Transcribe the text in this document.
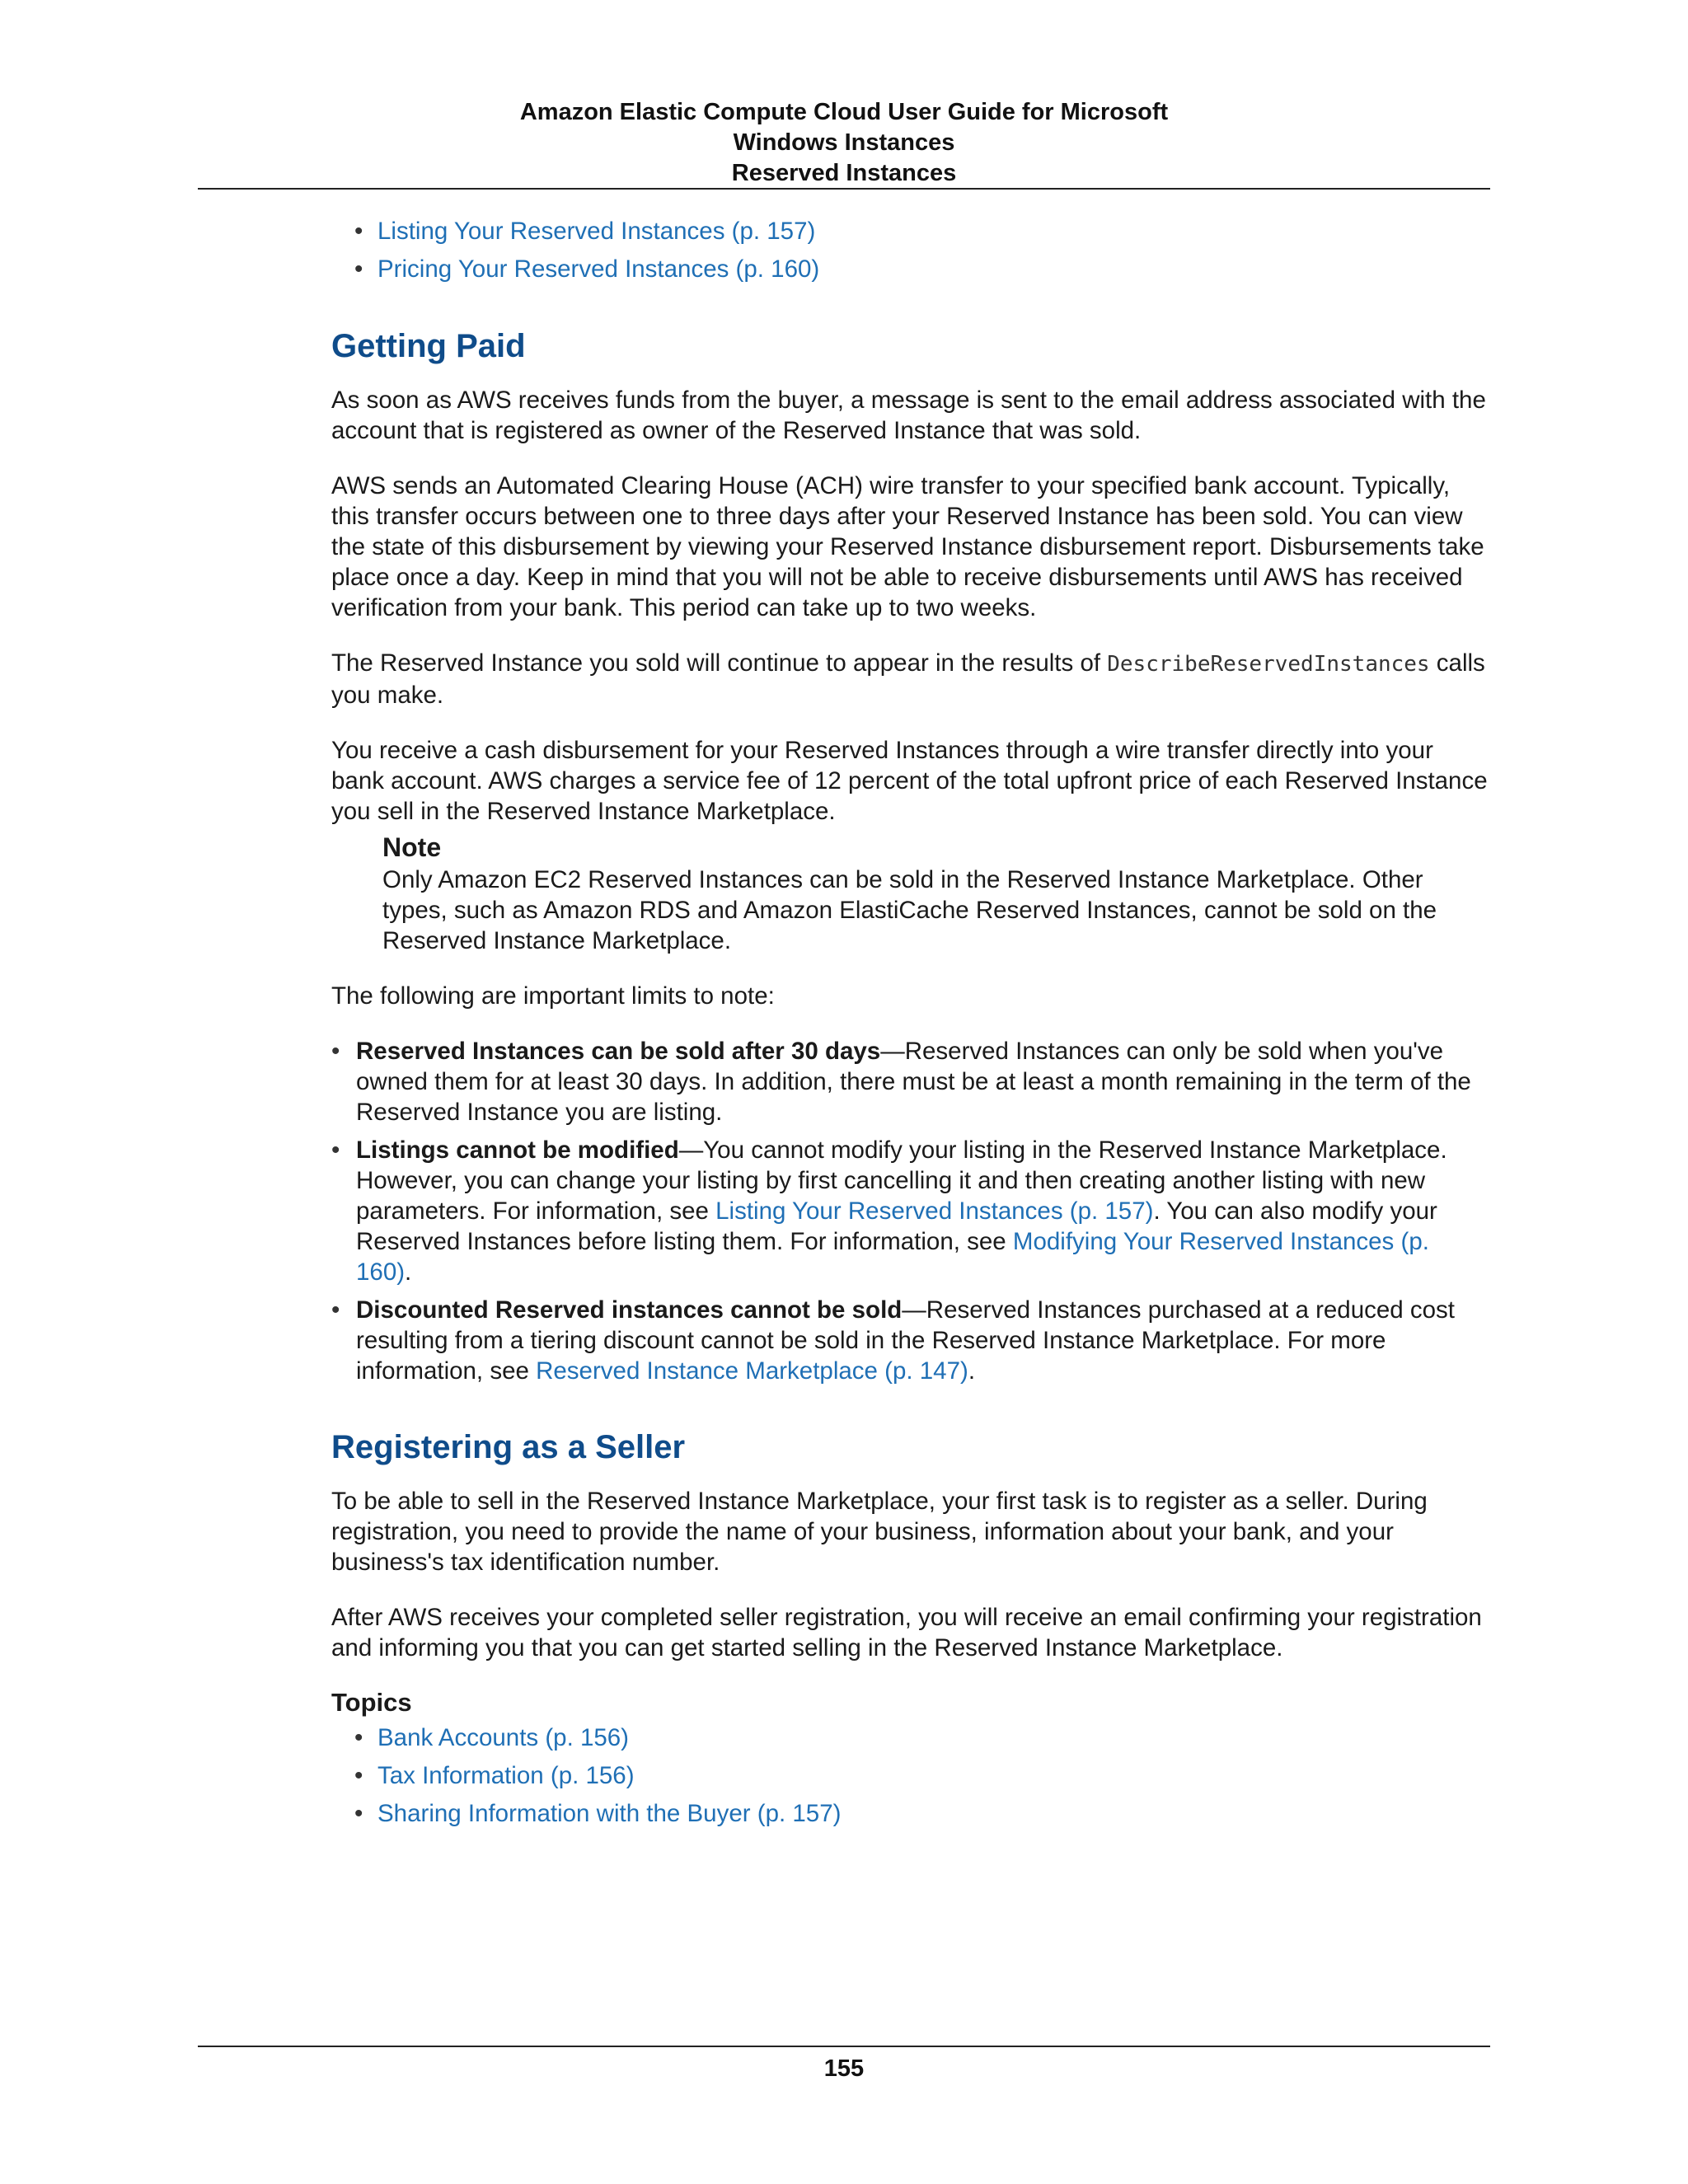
Amazon Elastic Compute Cloud User Guide for Microsoft
Windows Instances
Reserved Instances
• Listing Your Reserved Instances (p. 157)
• Pricing Your Reserved Instances (p. 160)
Getting Paid

As soon as AWS receives funds from the buyer, a message is sent to the email address associated with the account that is registered as owner of the Reserved Instance that was sold.

AWS sends an Automated Clearing House (ACH) wire transfer to your specified bank account. Typically, this transfer occurs between one to three days after your Reserved Instance has been sold. You can view the state of this disbursement by viewing your Reserved Instance disbursement report. Disbursements take place once a day. Keep in mind that you will not be able to receive disbursements until AWS has received verification from your bank. This period can take up to two weeks.

The Reserved Instance you sold will continue to appear in the results of DescribeReservedInstances calls you make.

You receive a cash disbursement for your Reserved Instances through a wire transfer directly into your bank account. AWS charges a service fee of 12 percent of the total upfront price of each Reserved Instance you sell in the Reserved Instance Marketplace.

Note
Only Amazon EC2 Reserved Instances can be sold in the Reserved Instance Marketplace. Other types, such as Amazon RDS and Amazon ElastiCache Reserved Instances, cannot be sold on the Reserved Instance Marketplace.

The following are important limits to note:

• Reserved Instances can be sold after 30 days—Reserved Instances can only be sold when you've owned them for at least 30 days. In addition, there must be at least a month remaining in the term of the Reserved Instance you are listing.
• Listings cannot be modified—You cannot modify your listing in the Reserved Instance Marketplace. However, you can change your listing by first cancelling it and then creating another listing with new parameters. For information, see Listing Your Reserved Instances (p. 157). You can also modify your Reserved Instances before listing them. For information, see Modifying Your Reserved Instances (p. 160).
• Discounted Reserved instances cannot be sold—Reserved Instances purchased at a reduced cost resulting from a tiering discount cannot be sold in the Reserved Instance Marketplace. For more information, see Reserved Instance Marketplace (p. 147).
Registering as a Seller

To be able to sell in the Reserved Instance Marketplace, your first task is to register as a seller. During registration, you need to provide the name of your business, information about your bank, and your business's tax identification number.

After AWS receives your completed seller registration, you will receive an email confirming your registration and informing you that you can get started selling in the Reserved Instance Marketplace.

Topics
• Bank Accounts (p. 156)
• Tax Information (p. 156)
• Sharing Information with the Buyer (p. 157)
155
